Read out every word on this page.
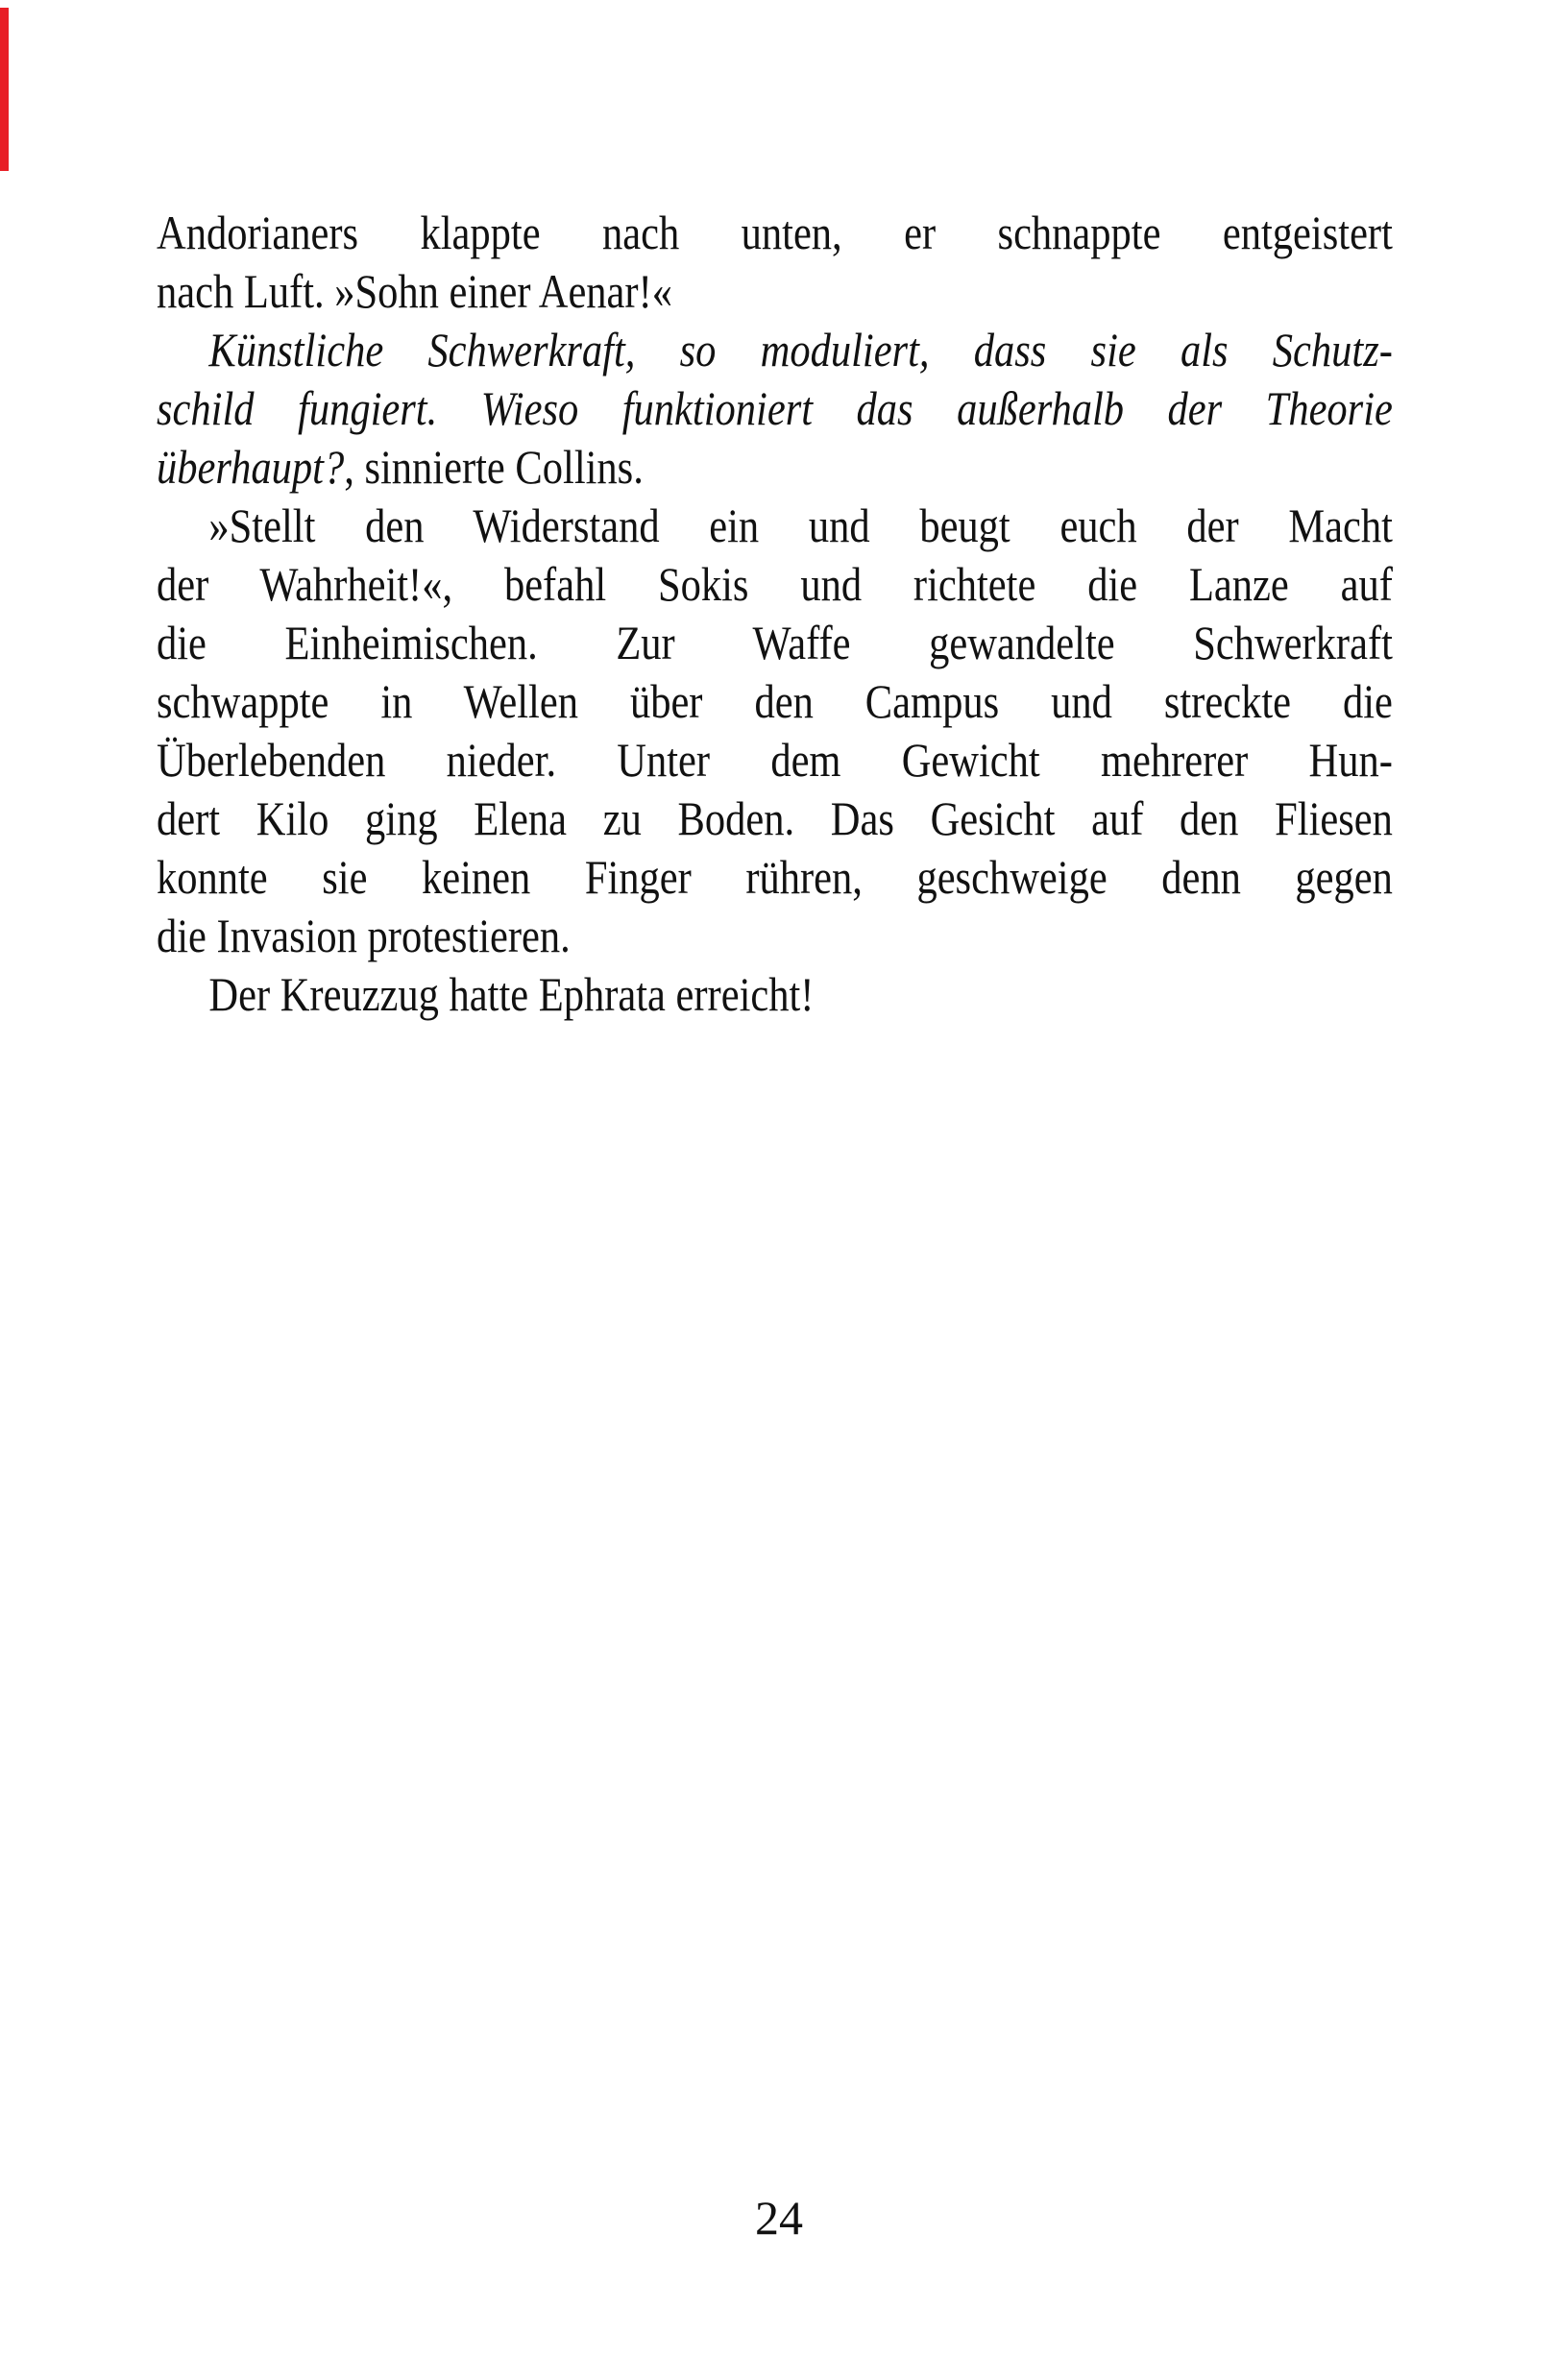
Andorianers klappte nach unten, er schnappte entgeistert
nach Luft. »Sohn einer Aenar!«
Künstliche Schwerkraft, so moduliert, dass sie als Schutz-
schild fungiert. Wieso funktioniert das außerhalb der Theorie
überhaupt?, sinnierte Collins.
»Stellt den Widerstand ein und beugt euch der Macht
der Wahrheit!«, befahl Sokis und richtete die Lanze auf
die Einheimischen. Zur Waffe gewandelte Schwerkraft
schwappte in Wellen über den Campus und streckte die
Überlebenden nieder. Unter dem Gewicht mehrerer Hun-
dert Kilo ging Elena zu Boden. Das Gesicht auf den Fliesen
konnte sie keinen Finger rühren, geschweige denn gegen
die Invasion protestieren.
Der Kreuzzug hatte Ephrata erreicht!
24
